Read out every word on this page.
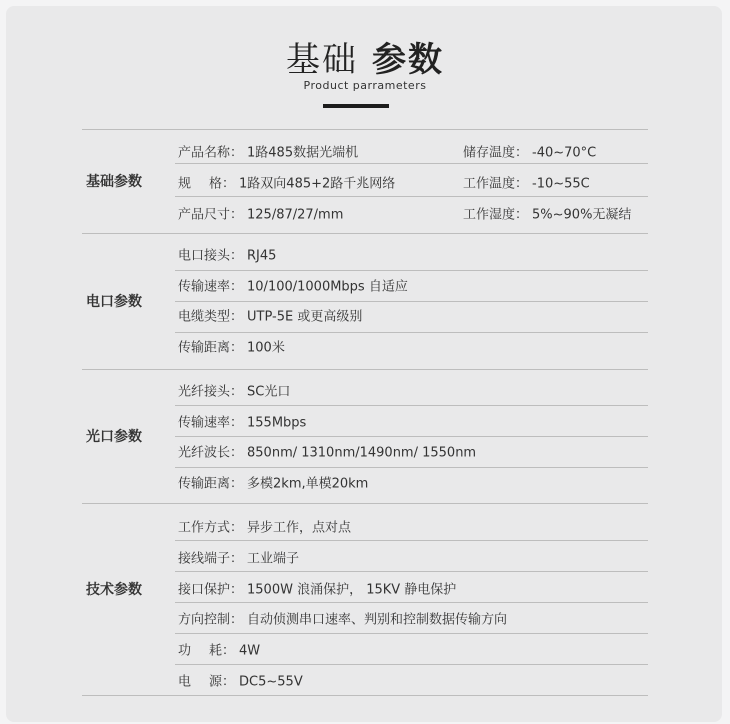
基础 参数
Product parrameters
基础参数
产品名称： 1路485数据光端机
规格： 1路双向485+2路千兆网络
产品尺寸： 125/87/27/mm
储存温度： -40~70°C
工作温度： -10~55C
工作湿度： 5%~90%无凝结
电口参数
电口接头： RJ45
传输速率： 10/100/1000Mbps 自适应
电缆类型： UTP-5E 或更高级别
传输距离： 100米
光口参数
光纤接头： SC光口
传输速率： 155Mbps
光纤波长： 850nm/ 1310nm/1490nm/ 1550nm
传输距离： 多模2km,单模20km
技术参数
工作方式： 异步工作，点对点
接线端子： 工业端子
接口保护： 1500W 浪涌保护， 15KV 静电保护
方向控制： 自动侦测串口速率、判别和控制数据传输方向
功耗： 4W
电源： DC5~55V
